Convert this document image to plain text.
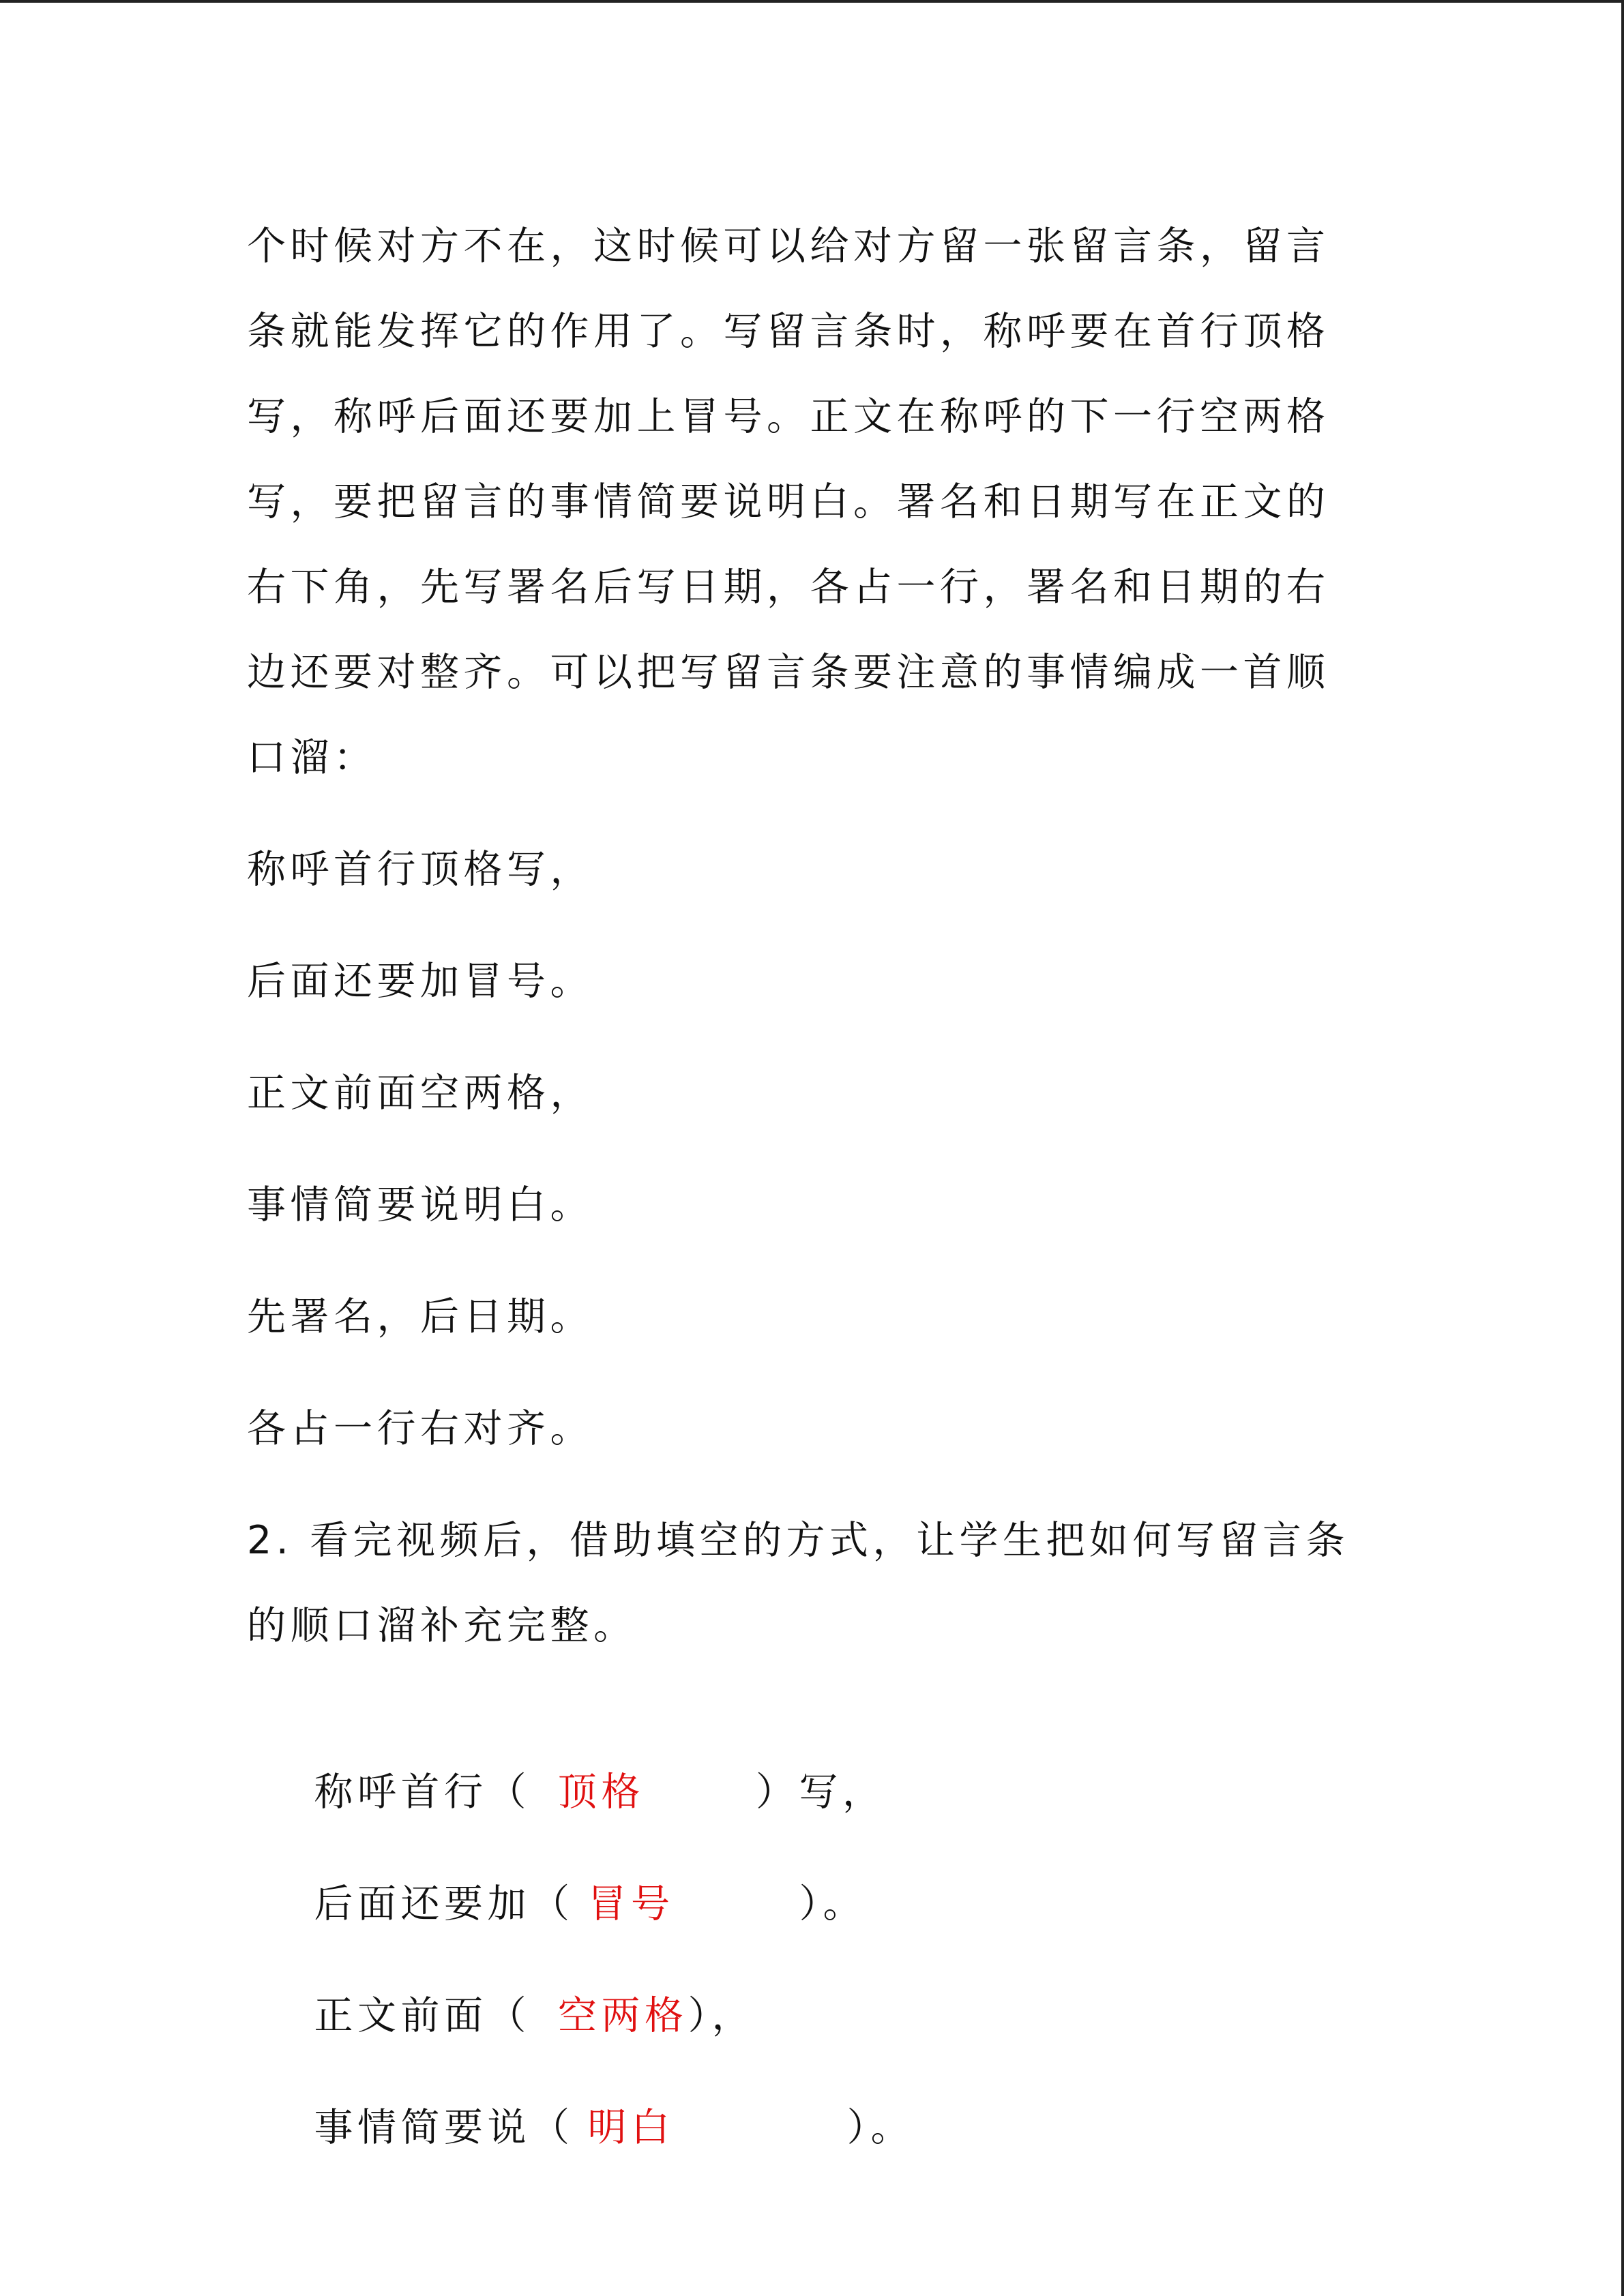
个时候对方不在，这时候可以给对方留一张留言条，留言
条就能发挥它的作用了。写留言条时，称呼要在首行顶格
写，称呼后面还要加上冒号。正文在称呼的下一行空两格
写，要把留言的事情简要说明白。署名和日期写在正文的
右下角，先写署名后写日期，各占一行，署名和日期的右
边还要对整齐。可以把写留言条要注意的事情编成一首顺
口溜：
称呼首行顶格写，
后面还要加冒号。
正文前面空两格，
事情简要说明白。
先署名，后日期。
各占一行右对齐。
2. 看完视频后，借助填空的方式，让学生把如何写留言条
的顺口溜补充完整。

称呼首行（ 顶格	）写，

后面还要加（ 冒号	）。

正文前面（ 空两格），

事情简要说（ 明白	）。
